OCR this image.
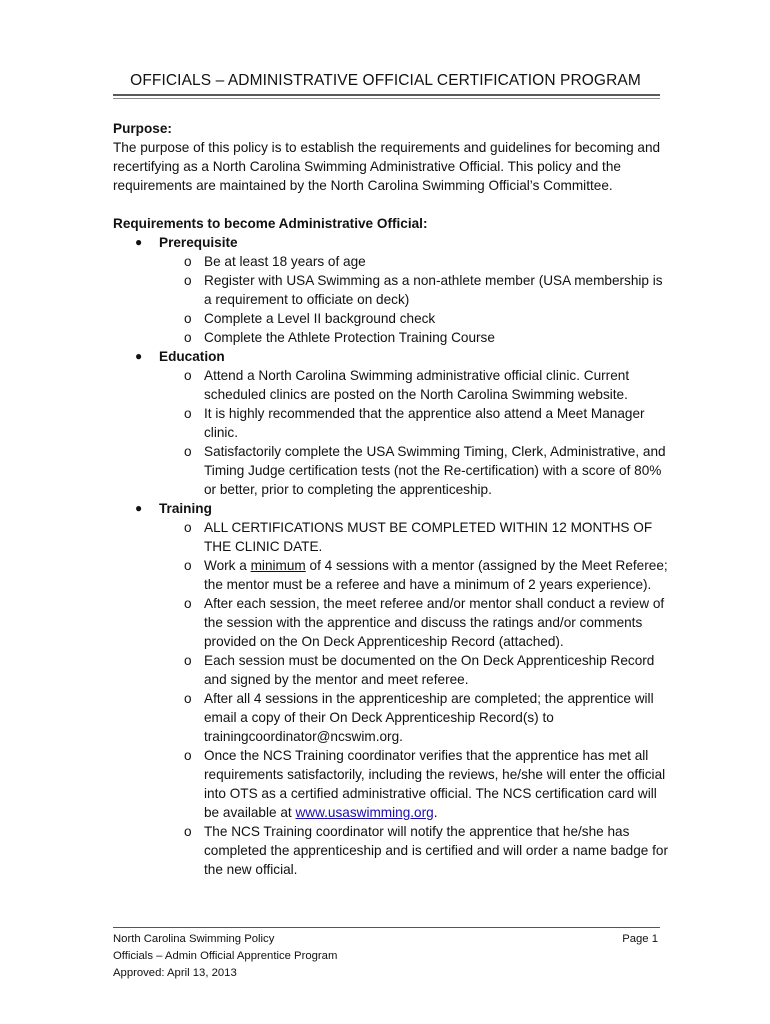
OFFICIALS – ADMINISTRATIVE OFFICIAL CERTIFICATION PROGRAM

Purpose:

The purpose of this policy is to establish the requirements and guidelines for becoming and recertifying as a North Carolina Swimming Administrative Official. This policy and the requirements are maintained by the North Carolina Swimming Official’s Committee.

Requirements to become Administrative Official:

● Prerequisite
o Be at least 18 years of age
o Register with USA Swimming as a non-athlete member (USA membership is a requirement to officiate on deck)
o Complete a Level II background check
o Complete the Athlete Protection Training Course
● Education
o Attend a North Carolina Swimming administrative official clinic. Current scheduled clinics are posted on the North Carolina Swimming website.
o It is highly recommended that the apprentice also attend a Meet Manager clinic.
o Satisfactorily complete the USA Swimming Timing, Clerk, Administrative, and Timing Judge certification tests (not the Re-certification) with a score of 80% or better, prior to completing the apprenticeship.
● Training
o ALL CERTIFICATIONS MUST BE COMPLETED WITHIN 12 MONTHS OF THE CLINIC DATE.
o Work a minimum of 4 sessions with a mentor (assigned by the Meet Referee; the mentor must be a referee and have a minimum of 2 years experience).
o After each session, the meet referee and/or mentor shall conduct a review of the session with the apprentice and discuss the ratings and/or comments provided on the On Deck Apprenticeship Record (attached).
o Each session must be documented on the On Deck Apprenticeship Record and signed by the mentor and meet referee.
o After all 4 sessions in the apprenticeship are completed; the apprentice will email a copy of their On Deck Apprenticeship Record(s) to trainingcoordinator@ncswim.org.
o Once the NCS Training coordinator verifies that the apprentice has met all requirements satisfactorily, including the reviews, he/she will enter the official into OTS as a certified administrative official. The NCS certification card will be available at www.usaswimming.org.
o The NCS Training coordinator will notify the apprentice that he/she has completed the apprenticeship and is certified and will order a name badge for the new official.
North Carolina Swimming Policy
Officials – Admin Official Apprentice Program
Approved: April 13, 2013
Page 1
